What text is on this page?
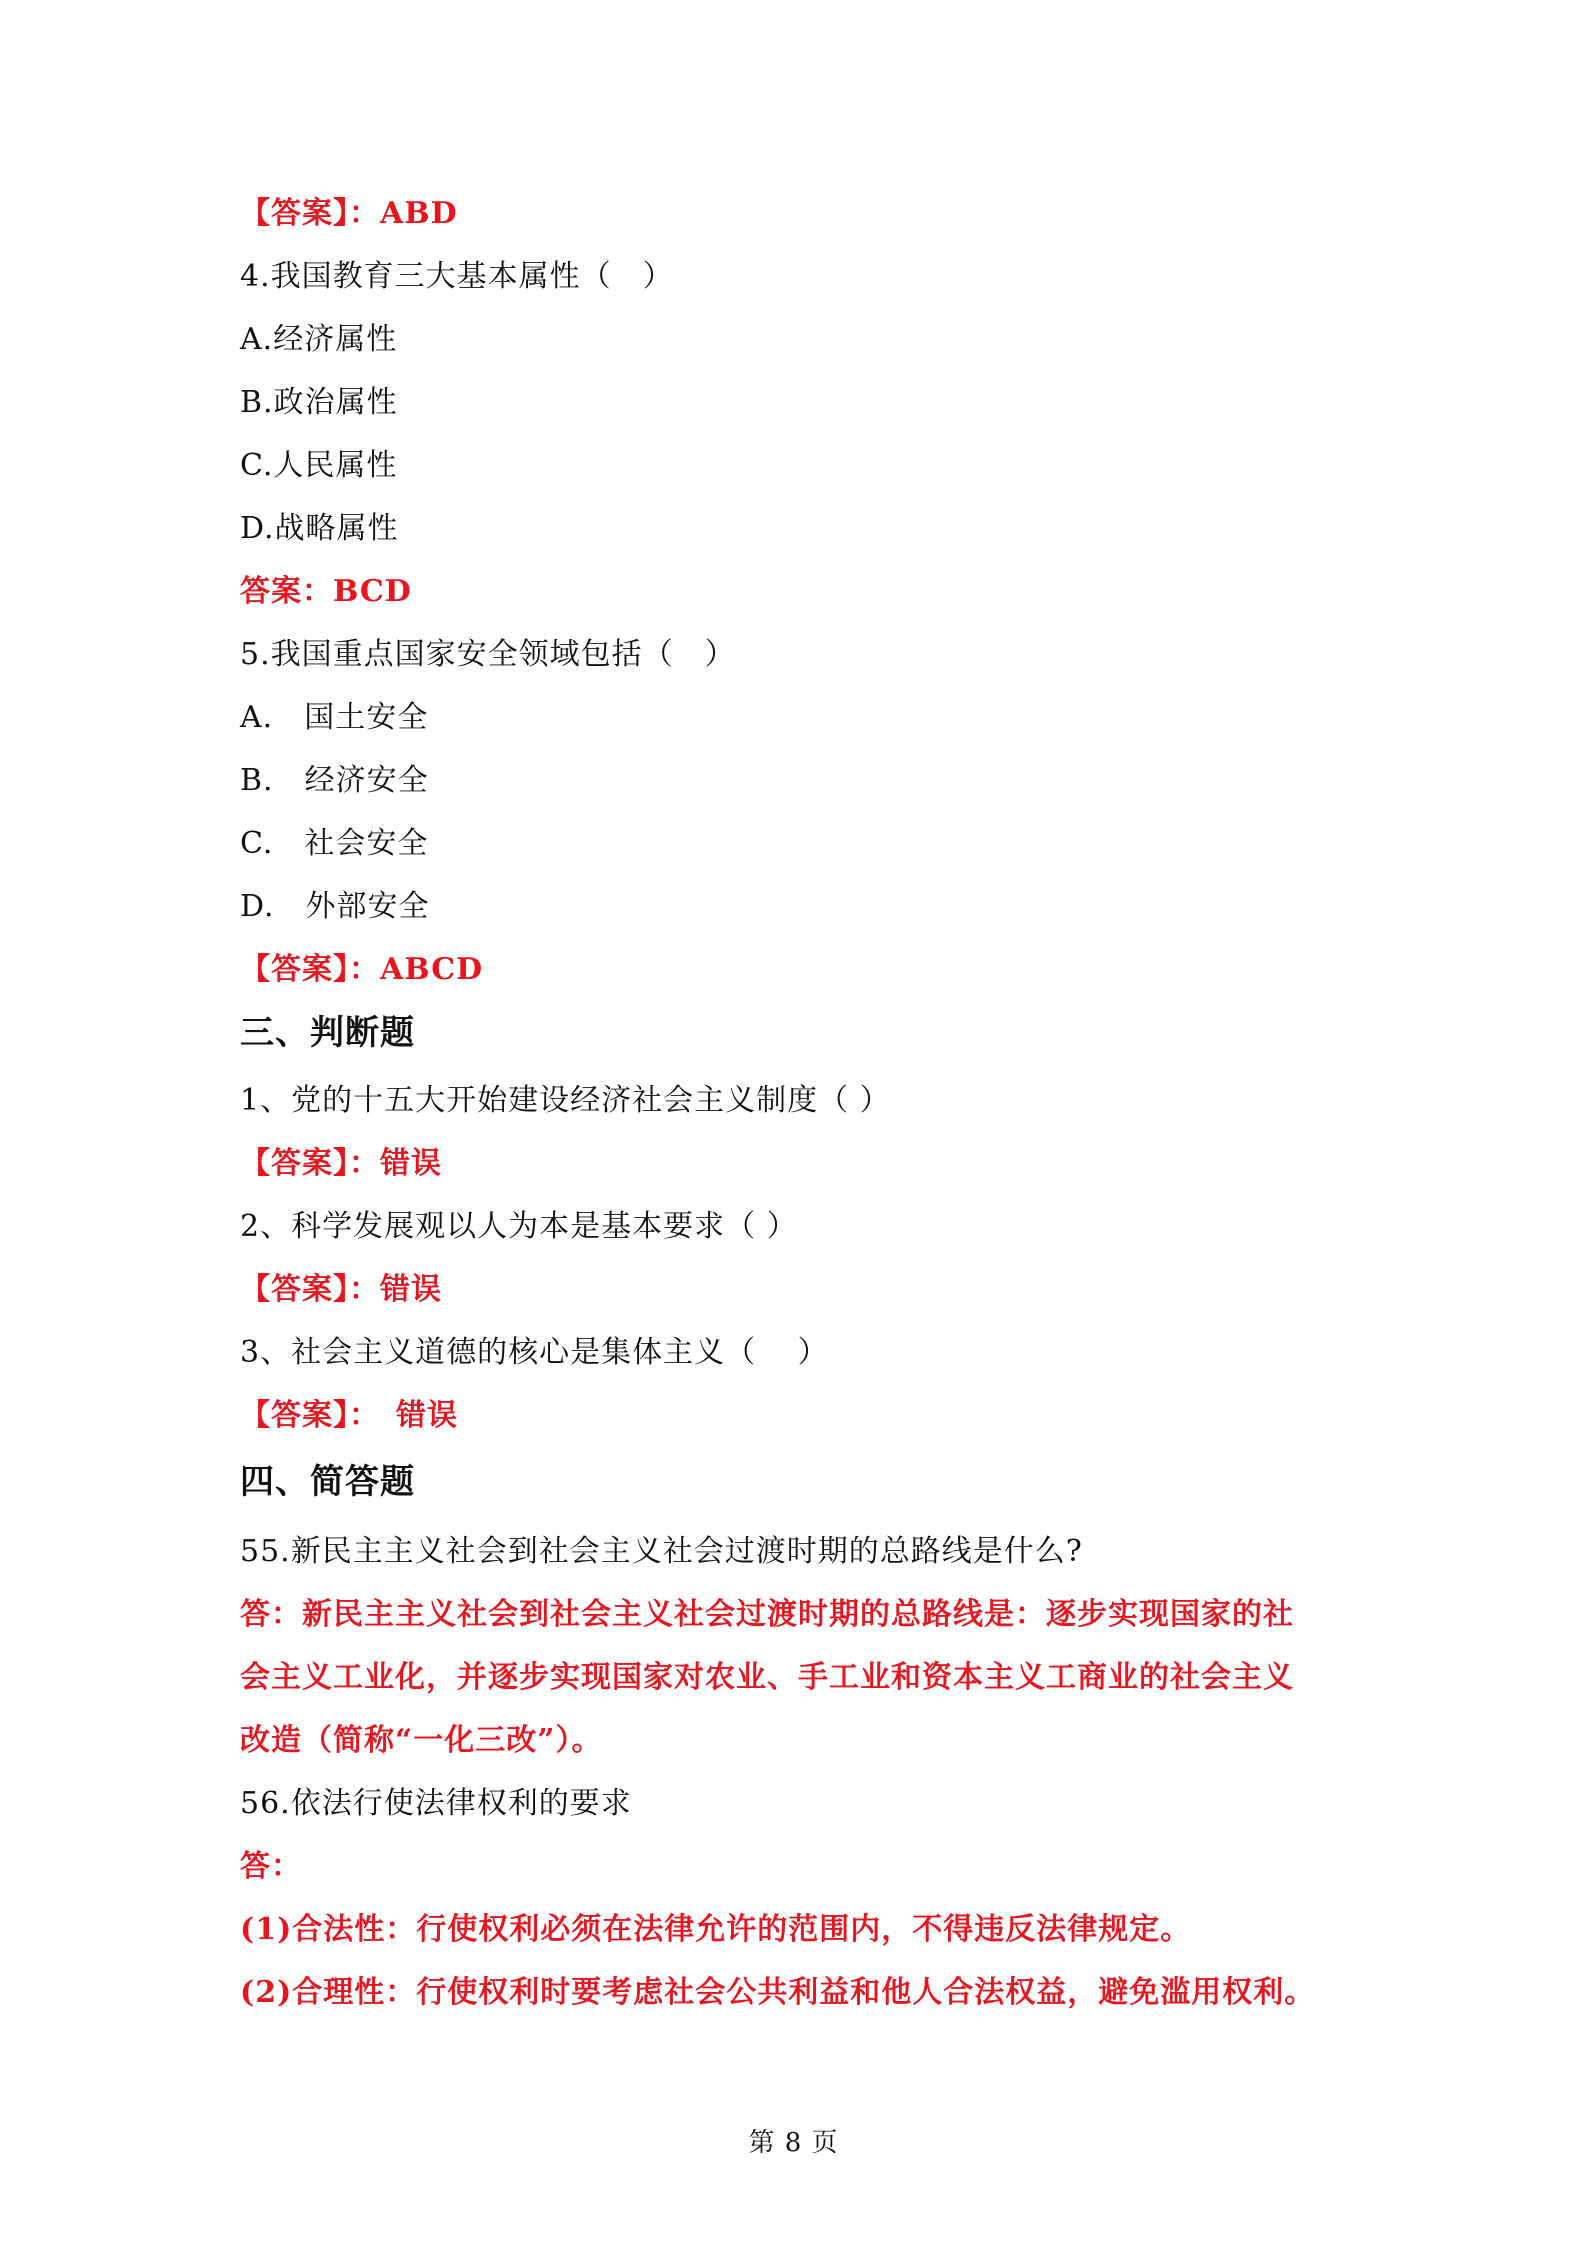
【答案】：ABD
4.我国教育三大基本属性（　）
A.经济属性
B.政治属性
C.人民属性
D.战略属性
答案：BCD
5.我国重点国家安全领域包括（　）
A.　国土安全
B.　经济安全
C.　社会安全
D.　外部安全
【答案】：ABCD
三、判断题
1、党的十五大开始建设经济社会主义制度（ ）
【答案】：错误
2、科学发展观以人为本是基本要求（ ）
【答案】：错误
3、社会主义道德的核心是集体主义（　 ）
【答案】：　错误
四、简答题
55.新民主主义社会到社会主义社会过渡时期的总路线是什么?
答：新民主主义社会到社会主义社会过渡时期的总路线是：逐步实现国家的社
会主义工业化，并逐步实现国家对农业、手工业和资本主义工商业的社会主义
改造（简称“一化三改”）。
56.依法行使法律权利的要求
答：
(1)合法性：行使权利必须在法律允许的范围内，不得违反法律规定。
(2)合理性：行使权利时要考虑社会公共利益和他人合法权益，避免滥用权利。
第 8 页
